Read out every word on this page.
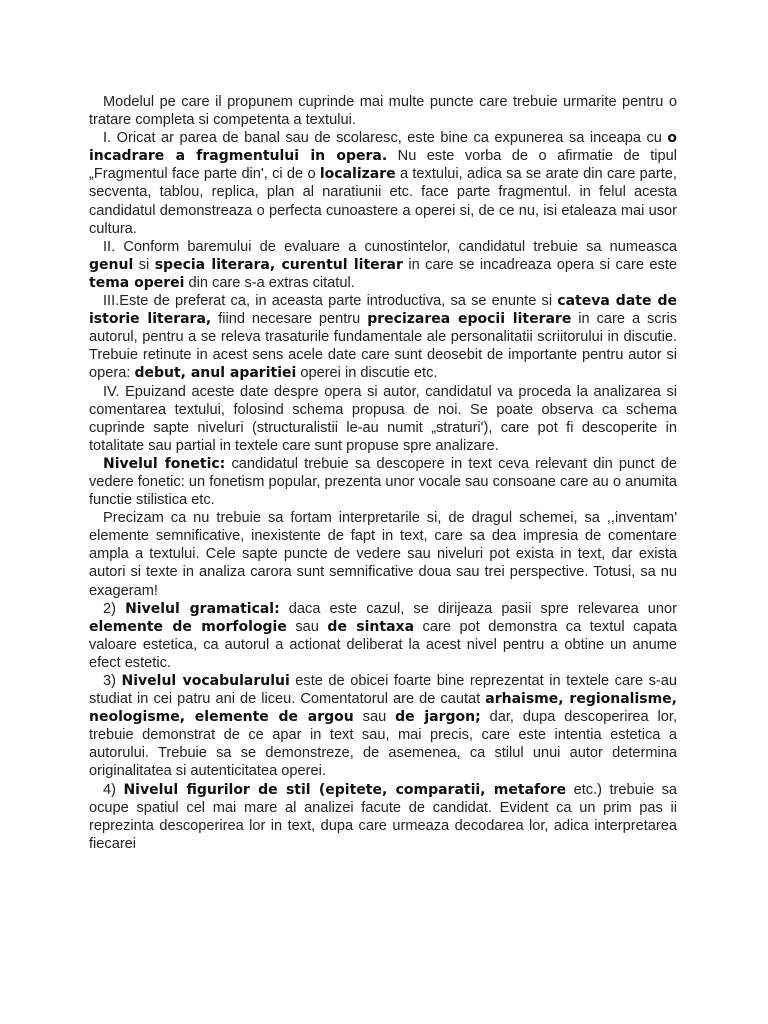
Modelul pe care il propunem cuprinde mai multe puncte care trebuie urmarite pentru o tratare completa si competenta a textului.

I. Oricat ar parea de banal sau de scolaresc, este bine ca expunerea sa inceapa cu o incadrare a fragmentului in opera. Nu este vorba de o afirmatie de tipul „Fragmentul face parte din', ci de o localizare a textului, adica sa se arate din care parte, secventa, tablou, replica, plan al naratiunii etc. face parte fragmentul. in felul acesta candidatul demonstreaza o perfecta cunoastere a operei si, de ce nu, isi etaleaza mai usor cultura.

II. Conform baremului de evaluare a cunostintelor, candidatul trebuie sa numeasca genul si specia literara, curentul literar in care se incadreaza opera si care este tema operei din care s-a extras citatul.

III.Este de preferat ca, in aceasta parte introductiva, sa se enunte si cateva date de istorie literara, fiind necesare pentru precizarea epocii literare in care a scris autorul, pentru a se releva trasaturile fundamentale ale personalitatii scriitorului in discutie. Trebuie retinute in acest sens acele date care sunt deosebit de importante pentru autor si opera: debut, anul aparitiei operei in discutie etc.

IV. Epuizand aceste date despre opera si autor, candidatul va proceda la analizarea si comentarea textului, folosind schema propusa de noi. Se poate observa ca schema cuprinde sapte niveluri (structuralistii le-au numit „straturi'), care pot fi descoperite in totalitate sau partial in textele care sunt propuse spre analizare.

Nivelul fonetic: candidatul trebuie sa descopere in text ceva relevant din punct de vedere fonetic: un fonetism popular, prezenta unor vocale sau consoane care au o anumita functie stilistica etc.

Precizam ca nu trebuie sa fortam interpretarile si, de dragul schemei, sa ,,inventam' elemente semnificative, inexistente de fapt in text, care sa dea impresia de comentare ampla a textului. Cele sapte puncte de vedere sau niveluri pot exista in text, dar exista autori si texte in analiza carora sunt semnificative doua sau trei perspective. Totusi, sa nu exageram!

2) Nivelul gramatical: daca este cazul, se dirijeaza pasii spre relevarea unor elemente de morfologie sau de sintaxa care pot demonstra ca textul capata valoare estetica, ca autorul a actionat deliberat la acest nivel pentru a obtine un anume efect estetic.

3) Nivelul vocabularului este de obicei foarte bine reprezentat in textele care s-au studiat in cei patru ani de liceu. Comentatorul are de cautat arhaisme, regionalisme, neologisme, elemente de argou sau de jargon; dar, dupa descoperirea lor, trebuie demonstrat de ce apar in text sau, mai precis, care este intentia estetica a autorului. Trebuie sa se demonstreze, de asemenea, ca stilul unui autor determina originalitatea si autenticitatea operei.

4) Nivelul figurilor de stil (epitete, comparatii, metafore etc.) trebuie sa ocupe spatiul cel mai mare al analizei facute de candidat. Evident ca un prim pas ii reprezinta descoperirea lor in text, dupa care urmeaza decodarea lor, adica interpretarea fiecarei
